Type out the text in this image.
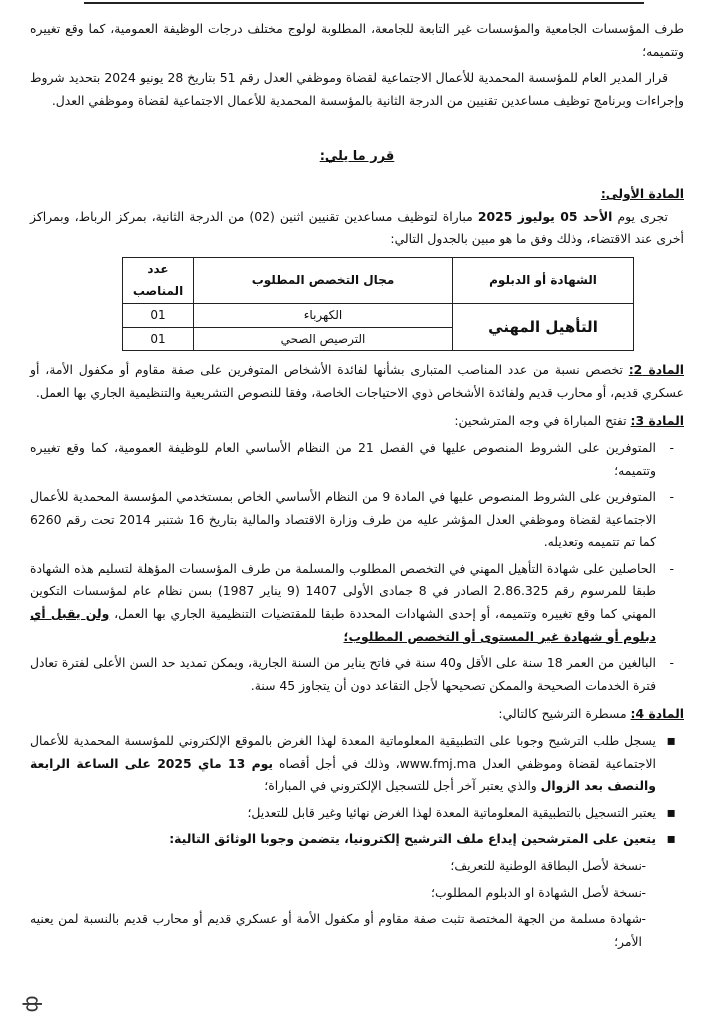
طرف المؤسسات الجامعية والمؤسسات غير التابعة للجامعة، المطلوبة لولوج مختلف درجات الوظيفة العمومية، كما وقع تغييره وتتميمه؛

قرار المدير العام للمؤسسة المحمدية للأعمال الاجتماعية لقضاة وموظفي العدل رقم 51 بتاريخ 28 يونيو 2024 بتحديد شروط وإجراءات وبرنامج توظيف مساعدين تقنيين من الدرجة الثانية بالمؤسسة المحمدية للأعمال الاجتماعية لقضاة وموظفي العدل.

قرر ما يلي:

المادة الأولى:

تجرى يوم الأحد 05 يوليوز 2025 مباراة لتوظيف مساعدين تقنيين اثنين (02) من الدرجة الثانية، بمركز الرباط، وبمراكز أخرى عند الاقتضاء، وذلك وفق ما هو مبين بالجدول التالي:

الشهادة أو الدبلوم	مجال التخصص المطلوب	عدد المناصب
التأهيل المهني	الكهرباء	01
	الترصيص الصحي	01

المادة 2: تخصص نسبة من عدد المناصب المتبارى بشأنها لفائدة الأشخاص المتوفرين على صفة مقاوم أو مكفول الأمة، أو عسكري قديم، أو محارب قديم ولفائدة الأشخاص ذوي الاحتياجات الخاصة، وفقا للنصوص التشريعية والتنظيمية الجاري بها العمل.

المادة 3: تفتح المباراة في وجه المترشحين:

- المتوفرين على الشروط المنصوص عليها في الفصل 21 من النظام الأساسي العام للوظيفة العمومية، كما وقع تغييره وتتميمه؛
- المتوفرين على الشروط المنصوص عليها في المادة 9 من النظام الأساسي الخاص بمستخدمي المؤسسة المحمدية للأعمال الاجتماعية لقضاة وموظفي العدل المؤشر عليه من طرف وزارة الاقتصاد والمالية بتاريخ 16 شتنبر 2014 تحت رقم 6260 كما تم تتميمه وتعديله.
- الحاصلين على شهادة التأهيل المهني في التخصص المطلوب والمسلمة من طرف المؤسسات المؤهلة لتسليم هذه الشهادة طبقا للمرسوم رقم 2.86.325 الصادر في 8 جمادى الأولى 1407 (9 يناير 1987) بسن نظام عام لمؤسسات التكوين المهني كما وقع تغييره وتتميمه، أو إحدى الشهادات المحددة طبقا للمقتضيات التنظيمية الجاري بها العمل، ولن يقبل أي دبلوم أو شهادة غير المستوى أو التخصص المطلوب؛
- البالغين من العمر 18 سنة على الأقل و40 سنة في فاتح يناير من السنة الجارية، ويمكن تمديد حد السن الأعلى لفترة تعادل فترة الخدمات الصحيحة والممكن تصحيحها لأجل التقاعد دون أن يتجاوز 45 سنة.

المادة 4: مسطرة الترشيح كالتالي:

▪ يسجل طلب الترشيح وجوبا على التطبيقية المعلوماتية المعدة لهذا الغرض بالموقع الإلكتروني للمؤسسة المحمدية للأعمال الاجتماعية لقضاة وموظفي العدل www.fmj.ma، وذلك في أجل أقصاه يوم 13 ماي 2025 على الساعة الرابعة والنصف بعد الزوال والذي يعتبر آخر أجل للتسجيل الإلكتروني في المباراة؛
▪ يعتبر التسجيل بالتطبيقية المعلوماتية المعدة لهذا الغرض نهائيا وغير قابل للتعديل؛
▪ يتعين على المترشحين إيداع ملف الترشيح إلكترونيا، يتضمن وجوبا الوثائق التالية:
- نسخة لأصل البطاقة الوطنية للتعريف؛
- نسخة لأصل الشهادة او الدبلوم المطلوب؛
- شهادة مسلمة من الجهة المختصة تثبت صفة مقاوم أو مكفول الأمة أو عسكري قديم أو محارب قديم بالنسبة لمن يعنيه الأمر؛
ф
